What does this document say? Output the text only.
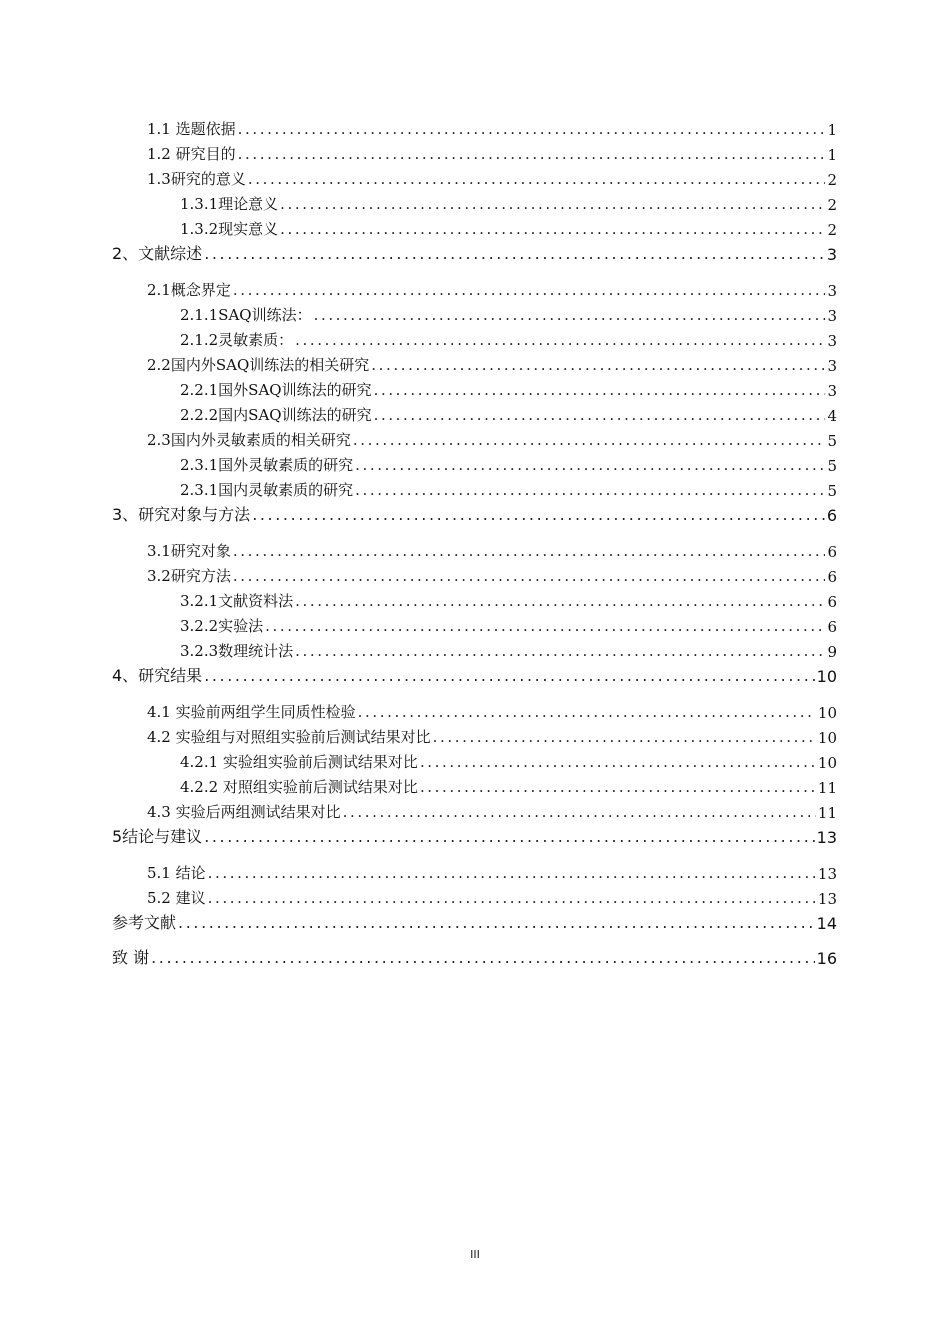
1.1 选题依据 .....	1
1.2 研究目的 .....	1
1.3研究的意义 .....	2
1.3.1理论意义 .....	2
1.3.2现实意义 .....	2
2、文献综述 .....	3
2.1概念界定 .....	3
2.1.1SAQ训练法： .....	3
2.1.2灵敏素质： .....	3
2.2国内外SAQ训练法的相关研究 .....	3
2.2.1国外SAQ训练法的研究 .....	3
2.2.2国内SAQ训练法的研究 .....	4
2.3国内外灵敏素质的相关研究 .....	5
2.3.1国外灵敏素质的研究 .....	5
2.3.1国内灵敏素质的研究 .....	5
3、研究对象与方法 .....	6
3.1研究对象 .....	6
3.2研究方法 .....	6
3.2.1文献资料法 .....	6
3.2.2实验法 .....	6
3.2.3数理统计法 .....	9
4、研究结果 .....	10
4.1 实验前两组学生同质性检验 .....	10
4.2 实验组与对照组实验前后测试结果对比 .....	10
4.2.1 实验组实验前后测试结果对比 .....	10
4.2.2 对照组实验前后测试结果对比 .....	11
4.3 实验后两组测试结果对比 .....	11
5结论与建议 .....	13
5.1 结论 .....	13
5.2 建议 .....	13
参考文献 .....	14
致 谢 .....	16
III
